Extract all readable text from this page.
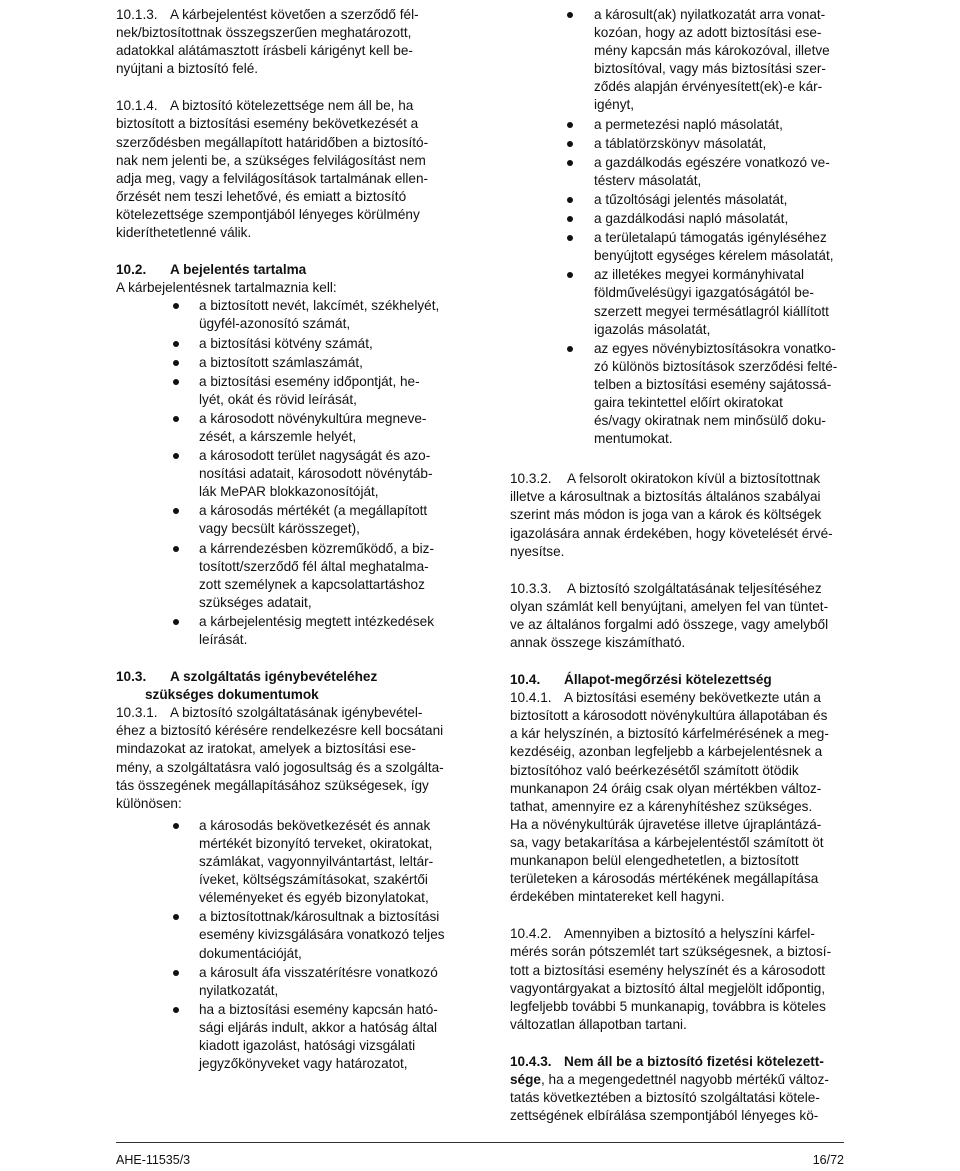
10.1.3. A kárbejelentést követően a szerződő fél-
nek/biztosítottnak összegszerűen meghatározott,
adatokkal alátámasztott írásbeli kárigényt kell be-
nyújtani a biztosító felé.
10.1.4. A biztosító kötelezettsége nem áll be, ha
biztosított a biztosítási esemény bekövetkezését a
szerződésben megállapított határidőben a biztosító-
nak nem jelenti be, a szükséges felvilágosítást nem
adja meg, vagy a felvilágosítások tartalmának ellen-
őrzését nem teszi lehetővé, és emiatt a biztosító
kötelezettsége szempontjából lényeges körülmény
kideríthetetlenné válik.
10.2. A bejelentés tartalma
A kárbejelentésnek tartalmaznia kell:
a biztosított nevét, lakcímét, székhelyét,
ügyfél-azonosító számát,
a biztosítási kötvény számát,
a biztosított számlaszámát,
a biztosítási esemény időpontját, he-
lyét, okát és rövid leírását,
a károsodott növénykultúra megneve-
zését, a kárszemle helyét,
a károsodott terület nagyságát és azo-
nosítási adatait, károsodott növénytáb-
lák MePAR blokkazonosítóját,
a károsodás mértékét (a megállapított
vagy becsült kárösszeget),
a kárrendezésben közreműködő, a biz-
tosított/szerződő fél által meghatalma-
zott személynek a kapcsolattartáshoz
szükséges adatait,
a kárbejelentésig megtett intézkedések
leírását.
10.3. A szolgáltatás igénybevételéhez
szükséges dokumentumok
10.3.1. A biztosító szolgáltatásának igénybevétel-
éhez a biztosító kérésére rendelkezésre kell bocsátani
mindazokat az iratokat, amelyek a biztosítási ese-
mény, a szolgáltatásra való jogosultság és a szolgálta-
tás összegének megállapításához szükségesek, így
különösen:
a károsodás bekövetkezését és annak
mértékét bizonyító terveket, okiratokat,
számlákat, vagyonnyilvántartást, leltár-
íveket, költségszámításokat, szakértői
véleményeket és egyéb bizonylatokat,
a biztosítottnak/károsultnak a biztosítási
esemény kivizsgálására vonatkozó teljes
dokumentációját,
a károsult áfa visszatérítésre vonatkozó
nyilatkozatát,
ha a biztosítási esemény kapcsán ható-
sági eljárás indult, akkor a hatóság által
kiadott igazolást, hatósági vizsgálati
jegyzőkönyveket vagy határozatot,
a károsult(ak) nyilatkozatát arra vonat-
kozóan, hogy az adott biztosítási ese-
mény kapcsán más károkozóval, illetve
biztosítóval, vagy más biztosítási szer-
ződés alapján érvényesített(ek)-e kár-
igényt,
a permetezési napló másolatát,
a táblatörzskönyv másolatát,
a gazdálkodás egészére vonatkozó ve-
tésterv másolatát,
a tűzoltósági jelentés másolatát,
a gazdálkodási napló másolatát,
a területalapú támogatás igényléséhez
benyújtott egységes kérelem másolatát,
az illetékes megyei kormányhivatal
földművelésügyi igazgatóságától be-
szerzett megyei termésátlagról kiállított
igazolás másolatát,
az egyes növénybiztosításokra vonatko-
zó különös biztosítások szerződési felté-
telben a biztosítási esemény sajátossá-
gaira tekintettel előírt okiratokat
és/vagy okiratnak nem minősülő doku-
mentumokat.
10.3.2. A felsorolt okiratokon kívül a biztosítottnak
illetve a károsultnak a biztosítás általános szabályai
szerint más módon is joga van a károk és költségek
igazolására annak érdekében, hogy követelését érvé-
nyesítse.
10.3.3. A biztosító szolgáltatásának teljesítéséhez
olyan számlát kell benyújtani, amelyen fel van tüntet-
ve az általános forgalmi adó összege, vagy amelyből
annak összege kiszámítható.
10.4. Állapot-megőrzési kötelezettség
10.4.1. A biztosítási esemény bekövetkezte után a
biztosított a károsodott növénykultúra állapotában és
a kár helyszínén, a biztosító kárfelmérésének a meg-
kezdéséig, azonban legfeljebb a kárbejelentésnek a
biztosítóhoz való beérkezésétől számított ötödik
munkanapon 24 óráig csak olyan mértékben változ-
tathat, amennyire ez a kárenyhítéshez szükséges.
Ha a növénykultúrák újravetése illetve újraplántázá-
sa, vagy betakarítása a kárbejelentéstől számított öt
munkanapon belül elengedhetetlen, a biztosított
területeken a károsodás mértékének megállapítása
érdekében mintatereket kell hagyni.
10.4.2. Amennyiben a biztosító a helyszíni kárfel-
mérés során pótszemlét tart szükségesnek, a biztosí-
tott a biztosítási esemény helyszínét és a károsodott
vagyontárgyakat a biztosító által megjelölt időpontig,
legfeljebb további 5 munkanapig, továbbra is köteles
változatlan állapotban tartani.
10.4.3. Nem áll be a biztosító fizetési kötelezett-
sége, ha a megengedettnél nagyobb mértékű változ-
tatás következtében a biztosító szolgáltatási kötele-
zettségének elbírálása szempontjából lényeges kö-
AHE-11535/3	16/72
